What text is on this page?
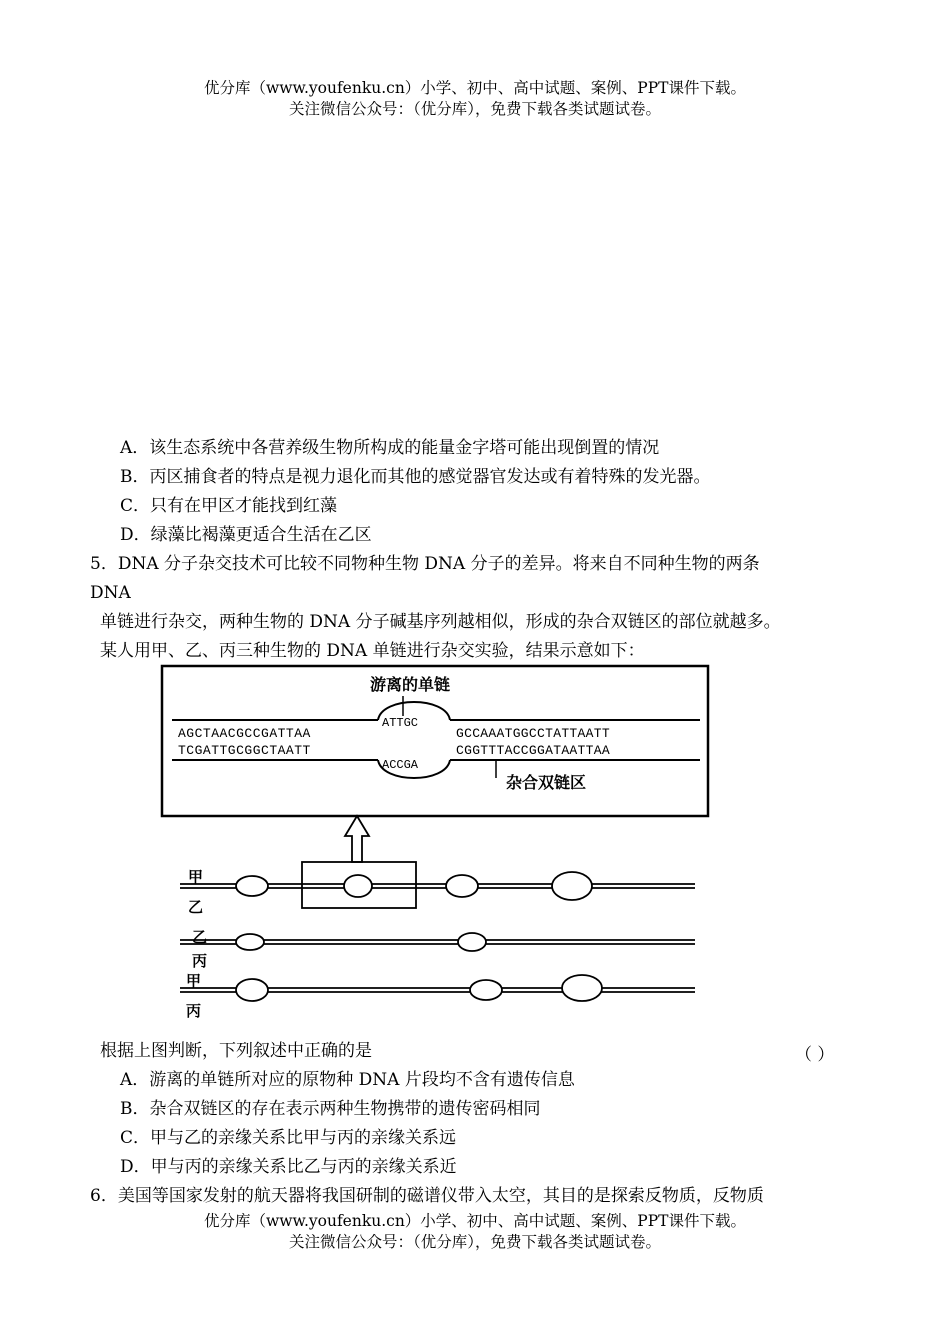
优分库（www.youfenku.cn）小学、初中、高中试题、案例、PPT课件下载。
关注微信公众号：（优分库），免费下载各类试题试卷。
A．该生态系统中各营养级生物所构成的能量金字塔可能出现倒置的情况
B．丙区捕食者的特点是视力退化而其他的感觉器官发达或有着特殊的发光器。
C．只有在甲区才能找到红藻
D．绿藻比褐藻更适合生活在乙区
5．DNA 分子杂交技术可比较不同物种生物 DNA 分子的差异。将来自不同种生物的两条
DNA
单链进行杂交，两种生物的 DNA 分子碱基序列越相似，形成的杂合双链区的部位就越多。
某人用甲、乙、丙三种生物的 DNA 单链进行杂交实验，结果示意如下：
游离的单链
AGCTAACGCCGATTAA
TCGATTGCGGCTAATT
ATTGC
ACCGA
GCCAAATGGCCTATTAATT
CGGTTTACCGGATAATTAA
杂合双链区
甲
乙
乙
丙
甲
丙
根据上图判断，下列叙述中正确的是	（ ）
A．游离的单链所对应的原物种 DNA 片段均不含有遗传信息
B．杂合双链区的存在表示两种生物携带的遗传密码相同
C．甲与乙的亲缘关系比甲与丙的亲缘关系远
D．甲与丙的亲缘关系比乙与丙的亲缘关系近
6．美国等国家发射的航天器将我国研制的磁谱仪带入太空，其目的是探索反物质，反物质
优分库（www.youfenku.cn）小学、初中、高中试题、案例、PPT课件下载。
关注微信公众号：（优分库），免费下载各类试题试卷。
